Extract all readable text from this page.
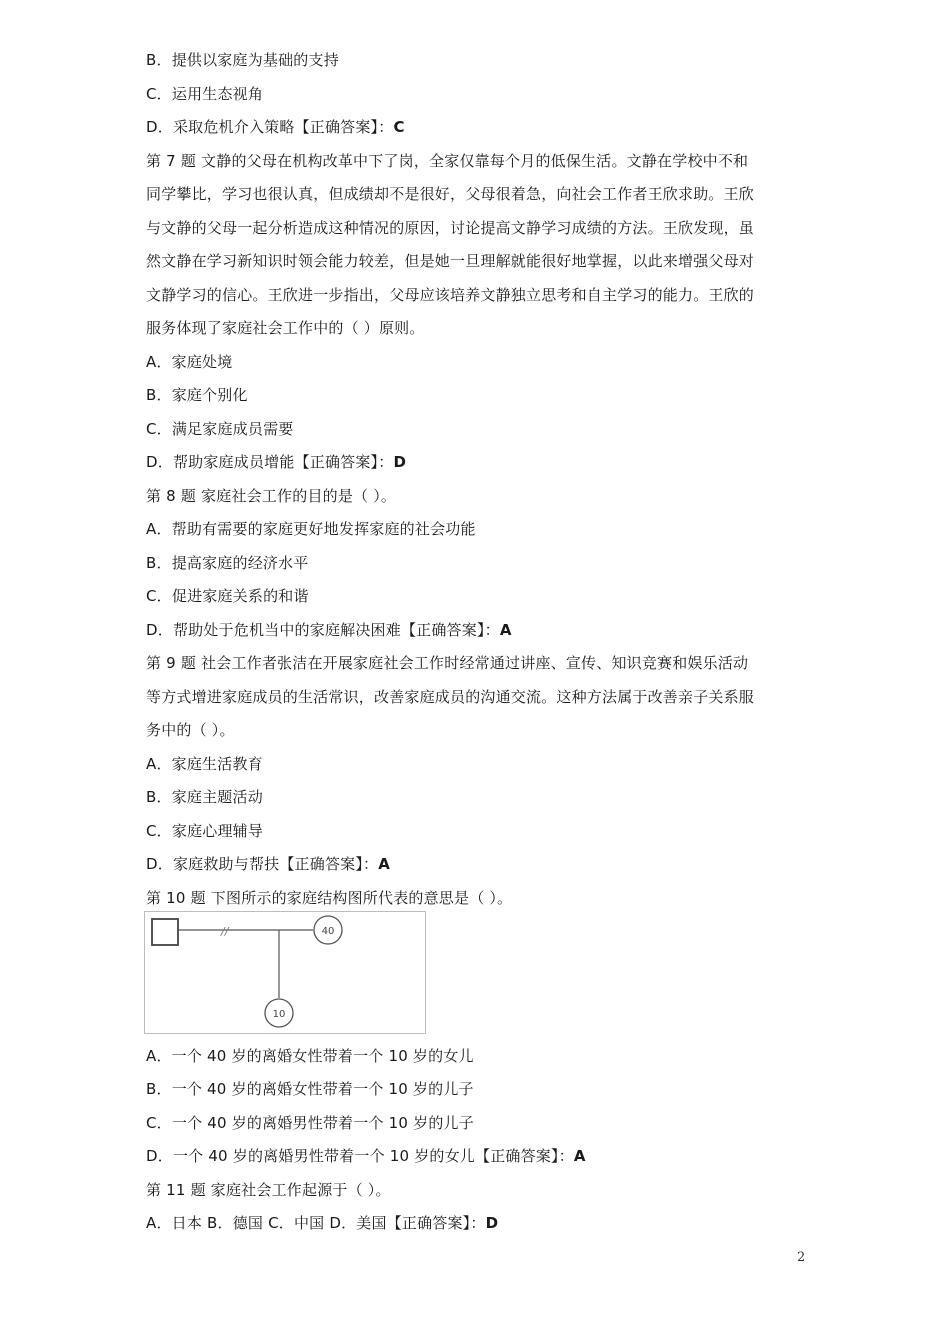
B．提供以家庭为基础的支持
C．运用生态视角
D．采取危机介入策略【正确答案】：C
第 7 题 文静的父母在机构改革中下了岗，全家仅靠每个月的低保生活。文静在学校中不和
同学攀比，学习也很认真，但成绩却不是很好，父母很着急，向社会工作者王欣求助。王欣
与文静的父母一起分析造成这种情况的原因，讨论提高文静学习成绩的方法。王欣发现，虽
然文静在学习新知识时领会能力较差，但是她一旦理解就能很好地掌握，以此来增强父母对
文静学习的信心。王欣进一步指出，父母应该培养文静独立思考和自主学习的能力。王欣的
服务体现了家庭社会工作中的（ ）原则。
A．家庭处境
B．家庭个别化
C．满足家庭成员需要
D．帮助家庭成员增能【正确答案】：D
第 8 题 家庭社会工作的目的是（ ）。
A．帮助有需要的家庭更好地发挥家庭的社会功能
B．提高家庭的经济水平
C．促进家庭关系的和谐
D．帮助处于危机当中的家庭解决困难【正确答案】：A
第 9 题 社会工作者张洁在开展家庭社会工作时经常通过讲座、宣传、知识竞赛和娱乐活动
等方式增进家庭成员的生活常识，改善家庭成员的沟通交流。这种方法属于改善亲子关系服
务中的（ ）。
A．家庭生活教育
B．家庭主题活动
C．家庭心理辅导
D．家庭救助与帮扶【正确答案】：A
第 10 题 下图所示的家庭结构图所代表的意思是（ ）。
//	40
10
A．一个 40 岁的离婚女性带着一个 10 岁的女儿
B．一个 40 岁的离婚女性带着一个 10 岁的儿子
C．一个 40 岁的离婚男性带着一个 10 岁的儿子
D．一个 40 岁的离婚男性带着一个 10 岁的女儿【正确答案】：A
第 11 题 家庭社会工作起源于（ ）。
A．日本 B．德国 C．中国 D．美国【正确答案】：D
2
